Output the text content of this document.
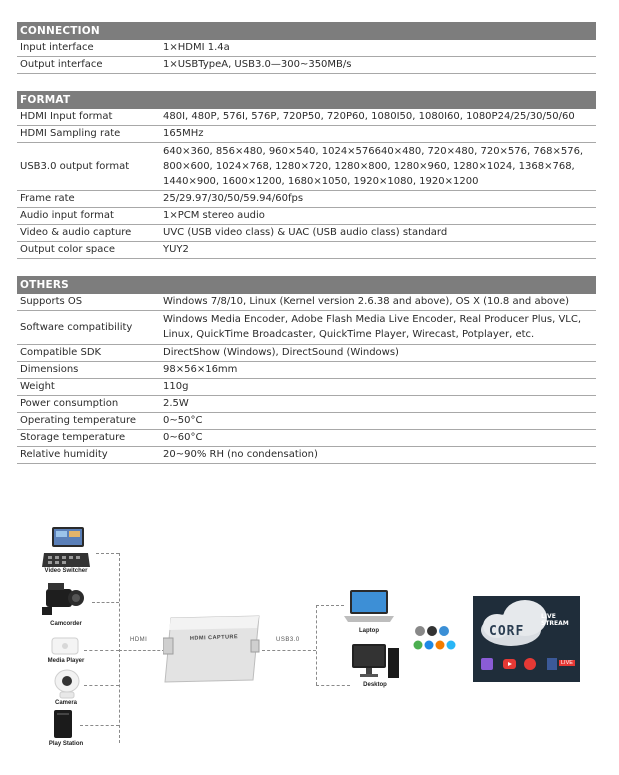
CONNECTION
Input interface	1×HDMI 1.4a
Output interface	1×USBTypeA, USB3.0—300~350MB/s
FORMAT
HDMI Input format	480I, 480P, 576I, 576P, 720P50, 720P60, 1080I50, 1080I60, 1080P24/25/30/50/60
HDMI Sampling rate	165MHz
USB3.0 output format	640×360, 856×480, 960×540, 1024×576640×480, 720×480, 720×576, 768×576, 800×600, 1024×768, 1280×720, 1280×800, 1280×960, 1280×1024, 1368×768, 1440×900, 1600×1200, 1680×1050, 1920×1080, 1920×1200
Frame rate	25/29.97/30/50/59.94/60fps
Audio input format	1×PCM stereo audio
Video & audio capture	UVC (USB video class) & UAC (USB audio class) standard
Output color space	YUY2
OTHERS
Supports OS	Windows 7/8/10, Linux (Kernel version 2.6.38 and above), OS X (10.8 and above)
Software compatibility	Windows Media Encoder, Adobe Flash Media Live Encoder, Real Producer Plus, VLC, Linux, QuickTime Broadcaster, QuickTime Player, Wirecast, Potplayer, etc.
Compatible SDK	DirectShow (Windows), DirectSound (Windows)
Dimensions	98×56×16mm
Weight	110g
Power consumption	2.5W
Operating temperature	0~50°C
Storage temperature	0~60°C
Relative humidity	20~90% RH (no condensation)
Video Switcher
Camcorder
Media Player
Camera
Play Station
HDMI	HDMI CAPTURE	USB3.0
Laptop
Desktop
CORF
LIVE STREAM
LIVE
